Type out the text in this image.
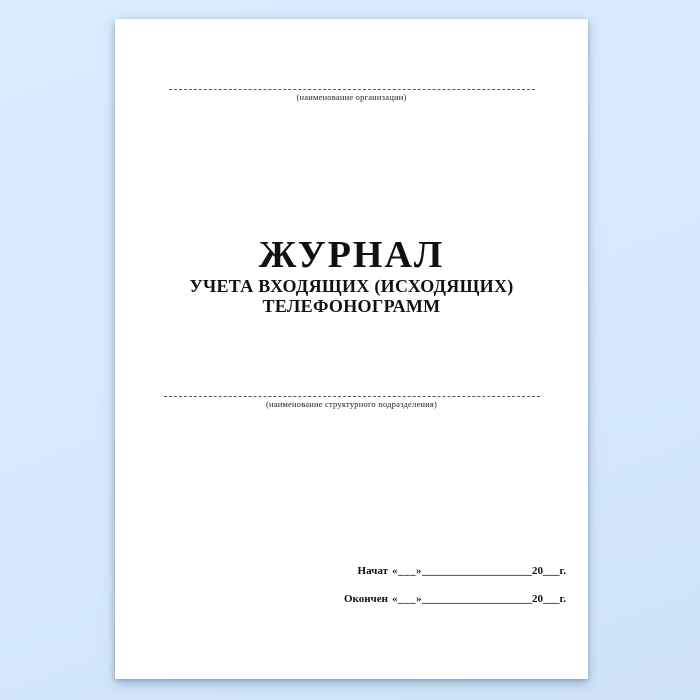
(наименование организации)
ЖУРНАЛ
УЧЕТА ВХОДЯЩИХ (ИСХОДЯЩИХ)
ТЕЛЕФОНОГРАММ
(наименование структурного подразделения)
Начат «___» ____________________ 20 ___ г.
Окончен «___» ____________________ 20 ___ г.
